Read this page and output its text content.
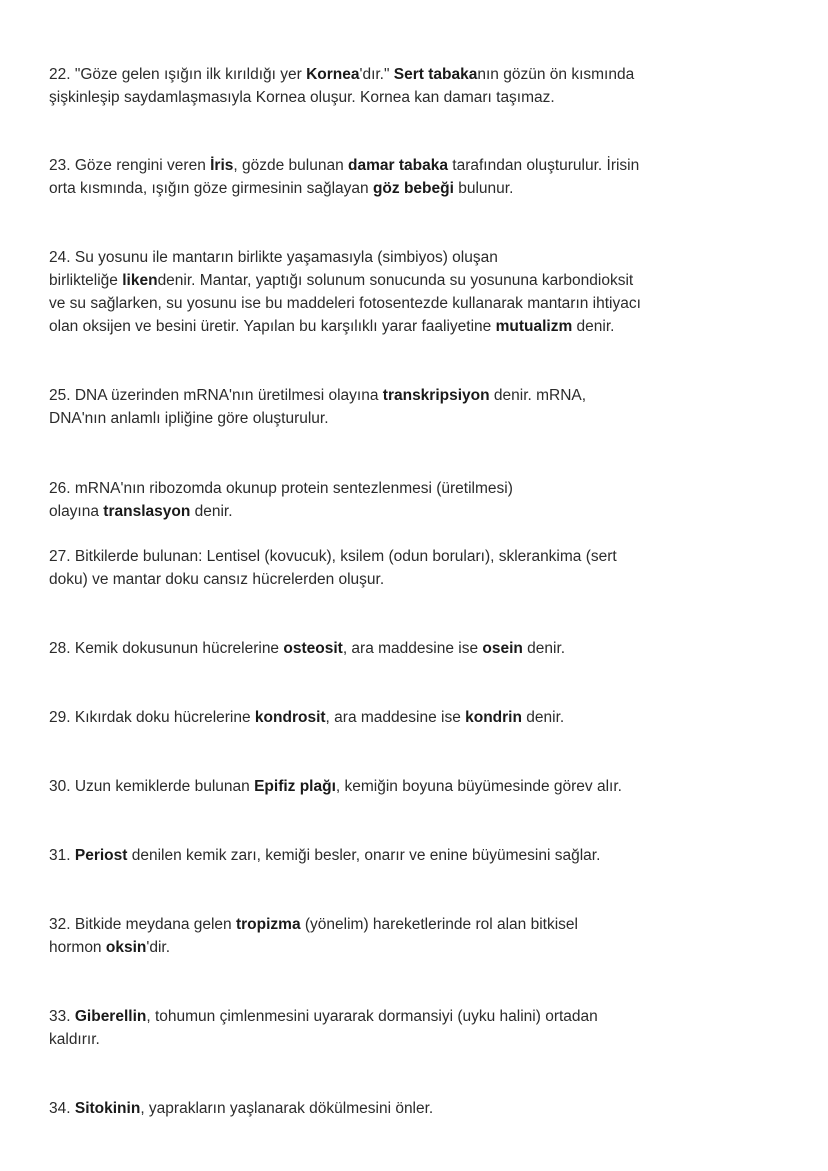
22. "Göze gelen ışığın ilk kırıldığı yer Kornea'dır." Sert tabakanın gözün ön kısmında
şişkinleşip saydamlaşmasıyla Kornea oluşur. Kornea kan damarı taşımaz.

23. Göze rengini veren İris, gözde bulunan damar tabaka tarafından oluşturulur. İrisin
orta kısmında, ışığın göze girmesinin sağlayan göz bebeği bulunur.

24. Su yosunu ile mantarın birlikte yaşamasıyla (simbiyos) oluşan
birlikteliğe likendenir. Mantar, yaptığı solunum sonucunda su yosununa karbondioksit
ve su sağlarken, su yosunu ise bu maddeleri fotosentezde kullanarak mantarın ihtiyacı
olan oksijen ve besini üretir. Yapılan bu karşılıklı yarar faaliyetine mutualizm denir.

25. DNA üzerinden mRNA'nın üretilmesi olayına transkripsiyon denir. mRNA,
DNA'nın anlamlı ipliğine göre oluşturulur.

26. mRNA'nın ribozomda okunup protein sentezlenmesi (üretilmesi)
olayına translasyon denir.

27. Bitkilerde bulunan: Lentisel (kovucuk), ksilem (odun boruları), sklerankima (sert
doku) ve mantar doku cansız hücrelerden oluşur.

28. Kemik dokusunun hücrelerine osteosit, ara maddesine ise osein denir.

29. Kıkırdak doku hücrelerine kondrosit, ara maddesine ise kondrin denir.

30. Uzun kemiklerde bulunan Epifiz plağı, kemiğin boyuna büyümesinde görev alır.

31. Periost denilen kemik zarı, kemiği besler, onarır ve enine büyümesini sağlar.

32. Bitkide meydana gelen tropizma (yönelim) hareketlerinde rol alan bitkisel
hormon oksin'dir.

33. Giberellin, tohumun çimlenmesini uyararak dormansiyi (uyku halini) ortadan
kaldırır.

34. Sitokinin, yaprakların yaşlanarak dökülmesini önler.
